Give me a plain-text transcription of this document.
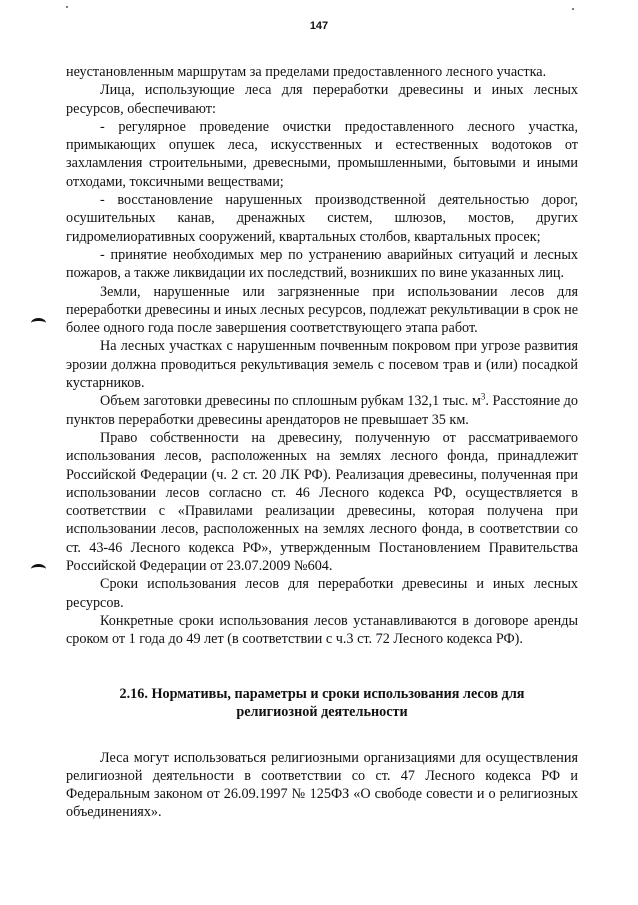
147

неустановленным маршрутам за пределами предоставленного лесного участка.

Лица, использующие леса для переработки древесины и иных лесных ресурсов, обеспечивают:

- регулярное проведение очистки предоставленного лесного участка, примыкающих опушек леса, искусственных и естественных водотоков от захламления строительными, древесными, промышленными, бытовыми и иными отходами, токсичными веществами;

- восстановление нарушенных производственной деятельностью дорог, осушительных канав, дренажных систем, шлюзов, мостов, других гидромелиоративных сооружений, квартальных столбов, квартальных просек;

- принятие необходимых мер по устранению аварийных ситуаций и лесных пожаров, а также ликвидации их последствий, возникших по вине указанных лиц.

Земли, нарушенные или загрязненные при использовании лесов для переработки древесины и иных лесных ресурсов, подлежат рекультивации в срок не более одного года после завершения соответствующего этапа работ.

На лесных участках с нарушенным почвенным покровом при угрозе развития эрозии должна проводиться рекультивация земель с посевом трав и (или) посадкой кустарников.

Объем заготовки древесины по сплошным рубкам 132,1 тыс. $м^3$. Расстояние до пунктов переработки древесины арендаторов не превышает 35 км.

Право собственности на древесину, полученную от рассматриваемого использования лесов, расположенных на землях лесного фонда, принадлежит Российской Федерации (ч. 2 ст. 20 ЛК РФ). Реализация древесины, полученная при использовании лесов согласно ст. 46 Лесного кодекса РФ, осуществляется в соответствии с «Правилами реализации древесины, которая получена при использовании лесов, расположенных на землях лесного фонда, в соответствии со ст. 43-46 Лесного кодекса РФ», утвержденным Постановлением Правительства Российской Федерации от 23.07.2009 №604.

Сроки использования лесов для переработки древесины и иных лесных ресурсов.

Конкретные сроки использования лесов устанавливаются в договоре аренды сроком от 1 года до 49 лет (в соответствии с ч.3 ст. 72 Лесного кодекса РФ).

2.16. Нормативы, параметры и сроки использования лесов для
религиозной деятельности

Леса могут использоваться религиозными организациями для осуществления религиозной деятельности в соответствии со ст. 47 Лесного кодекса РФ и Федеральным законом от 26.09.1997 № 125ФЗ «О свободе совести и о религиозных объединениях».
